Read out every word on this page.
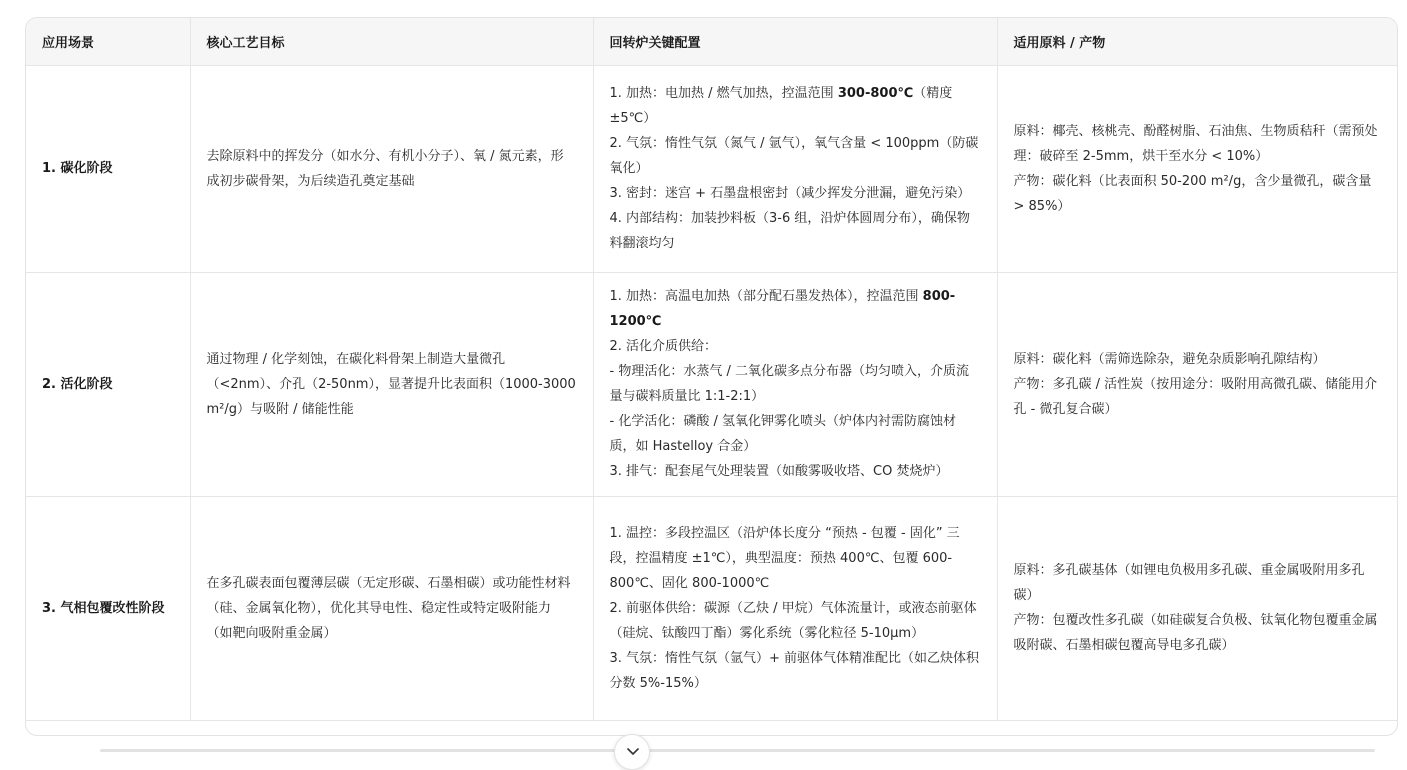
应用场景	核心工艺目标	回转炉关键配置	适用原料 / 产物
1. 碳化阶段	去除原料中的挥发分（如水分、有机小分子）、氧 / 氮元素，形成初步碳骨架，为后续造孔奠定基础	1. 加热：电加热 / 燃气加热，控温范围 300-800℃（精度 ±5℃）
2. 气氛：惰性气氛（氮气 / 氩气），氧气含量 < 100ppm（防碳氧化）
3. 密封：迷宫 + 石墨盘根密封（减少挥发分泄漏，避免污染）
4. 内部结构：加装抄料板（3-6 组，沿炉体圆周分布），确保物料翻滚均匀	原料：椰壳、核桃壳、酚醛树脂、石油焦、生物质秸秆（需预处理：破碎至 2-5mm，烘干至水分 < 10%）
产物：碳化料（比表面积 50-200 m²/g，含少量微孔，碳含量 > 85%）

2. 活化阶段	通过物理 / 化学刻蚀，在碳化料骨架上制造大量微孔（<2nm）、介孔（2-50nm），显著提升比表面积（1000-3000 m²/g）与吸附 / 储能性能	1. 加热：高温电加热（部分配石墨发热体），控温范围 800-1200℃
2. 活化介质供给：
- 物理活化：水蒸气 / 二氧化碳多点分布器（均匀喷入，介质流量与碳料质量比 1:1-2:1）
- 化学活化：磷酸 / 氢氧化钾雾化喷头（炉体内衬需防腐蚀材质，如 Hastelloy 合金）
3. 排气：配套尾气处理装置（如酸雾吸收塔、CO 焚烧炉）	原料：碳化料（需筛选除杂，避免杂质影响孔隙结构）
产物：多孔碳 / 活性炭（按用途分：吸附用高微孔碳、储能用介孔 - 微孔复合碳）

3. 气相包覆改性阶段	在多孔碳表面包覆薄层碳（无定形碳、石墨相碳）或功能性材料（硅、金属氧化物），优化其导电性、稳定性或特定吸附能力（如靶向吸附重金属）	1. 温控：多段控温区（沿炉体长度分 “预热 - 包覆 - 固化” 三段，控温精度 ±1℃），典型温度：预热 400℃、包覆 600-800℃、固化 800-1000℃
2. 前驱体供给：碳源（乙炔 / 甲烷）气体流量计，或液态前驱体（硅烷、钛酸四丁酯）雾化系统（雾化粒径 5-10μm）
3. 气氛：惰性气氛（氩气）+ 前驱体气体精准配比（如乙炔体积分数 5%-15%）	原料：多孔碳基体（如锂电负极用多孔碳、重金属吸附用多孔碳）
产物：包覆改性多孔碳（如硅碳复合负极、钛氧化物包覆重金属吸附碳、石墨相碳包覆高导电多孔碳）
